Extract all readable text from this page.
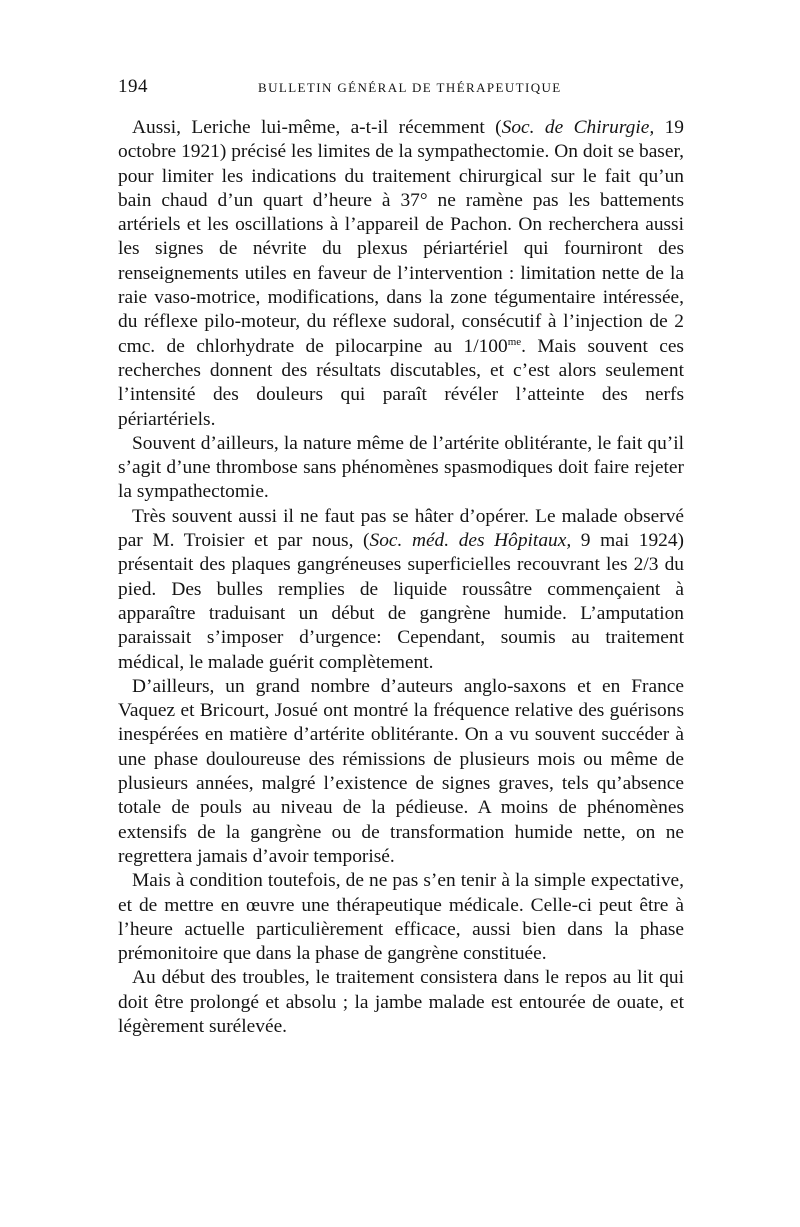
194	BULLETIN GÉNÉRAL DE THÉRAPEUTIQUE

Aussi, Leriche lui-même, a-t-il récemment (Soc. de Chirurgie, 19 octobre 1921) précisé les limites de la sympathectomie. On doit se baser, pour limiter les indications du traitement chirurgical sur le fait qu’un bain chaud d’un quart d’heure à 37° ne ramène pas les battements artériels et les oscillations à l’appareil de Pachon. On recherchera aussi les signes de névrite du plexus périartériel qui fourniront des renseignements utiles en faveur de l’intervention : limitation nette de la raie vaso-motrice, modifications, dans la zone tégumentaire intéressée, du réflexe pilo-moteur, du réflexe sudoral, consécutif à l’injection de 2 cmc. de chlorhydrate de pilocarpine au $1/100^{me}$. Mais souvent ces recherches donnent des résultats discutables, et c’est alors seulement l’intensité des douleurs qui paraît révéler l’atteinte des nerfs périartériels.

Souvent d’ailleurs, la nature même de l’artérite oblitérante, le fait qu’il s’agit d’une thrombose sans phénomènes spasmodiques doit faire rejeter la sympathectomie.

Très souvent aussi il ne faut pas se hâter d’opérer. Le malade observé par M. Troisier et par nous, (Soc. méd. des Hôpitaux, 9 mai 1924) présentait des plaques gangréneuses superficielles recouvrant les 2/3 du pied. Des bulles remplies de liquide roussâtre commençaient à apparaître traduisant un début de gangrène humide. L’amputation paraissait s’imposer d’urgence: Cependant, soumis au traitement médical, le malade guérit complètement.

D’ailleurs, un grand nombre d’auteurs anglo-saxons et en France Vaquez et Bricourt, Josué ont montré la fréquence relative des guérisons inespérées en matière d’artérite oblitérante. On a vu souvent succéder à une phase douloureuse des rémissions de plusieurs mois ou même de plusieurs années, malgré l’existence de signes graves, tels qu’absence totale de pouls au niveau de la pédieuse. A moins de phénomènes extensifs de la gangrène ou de transformation humide nette, on ne regrettera jamais d’avoir temporisé.

Mais à condition toutefois, de ne pas s’en tenir à la simple expectative, et de mettre en œuvre une thérapeutique médicale. Celle-ci peut être à l’heure actuelle particulièrement efficace, aussi bien dans la phase prémonitoire que dans la phase de gangrène constituée.

Au début des troubles, le traitement consistera dans le repos au lit qui doit être prolongé et absolu ; la jambe malade est entourée de ouate, et légèrement surélevée.
